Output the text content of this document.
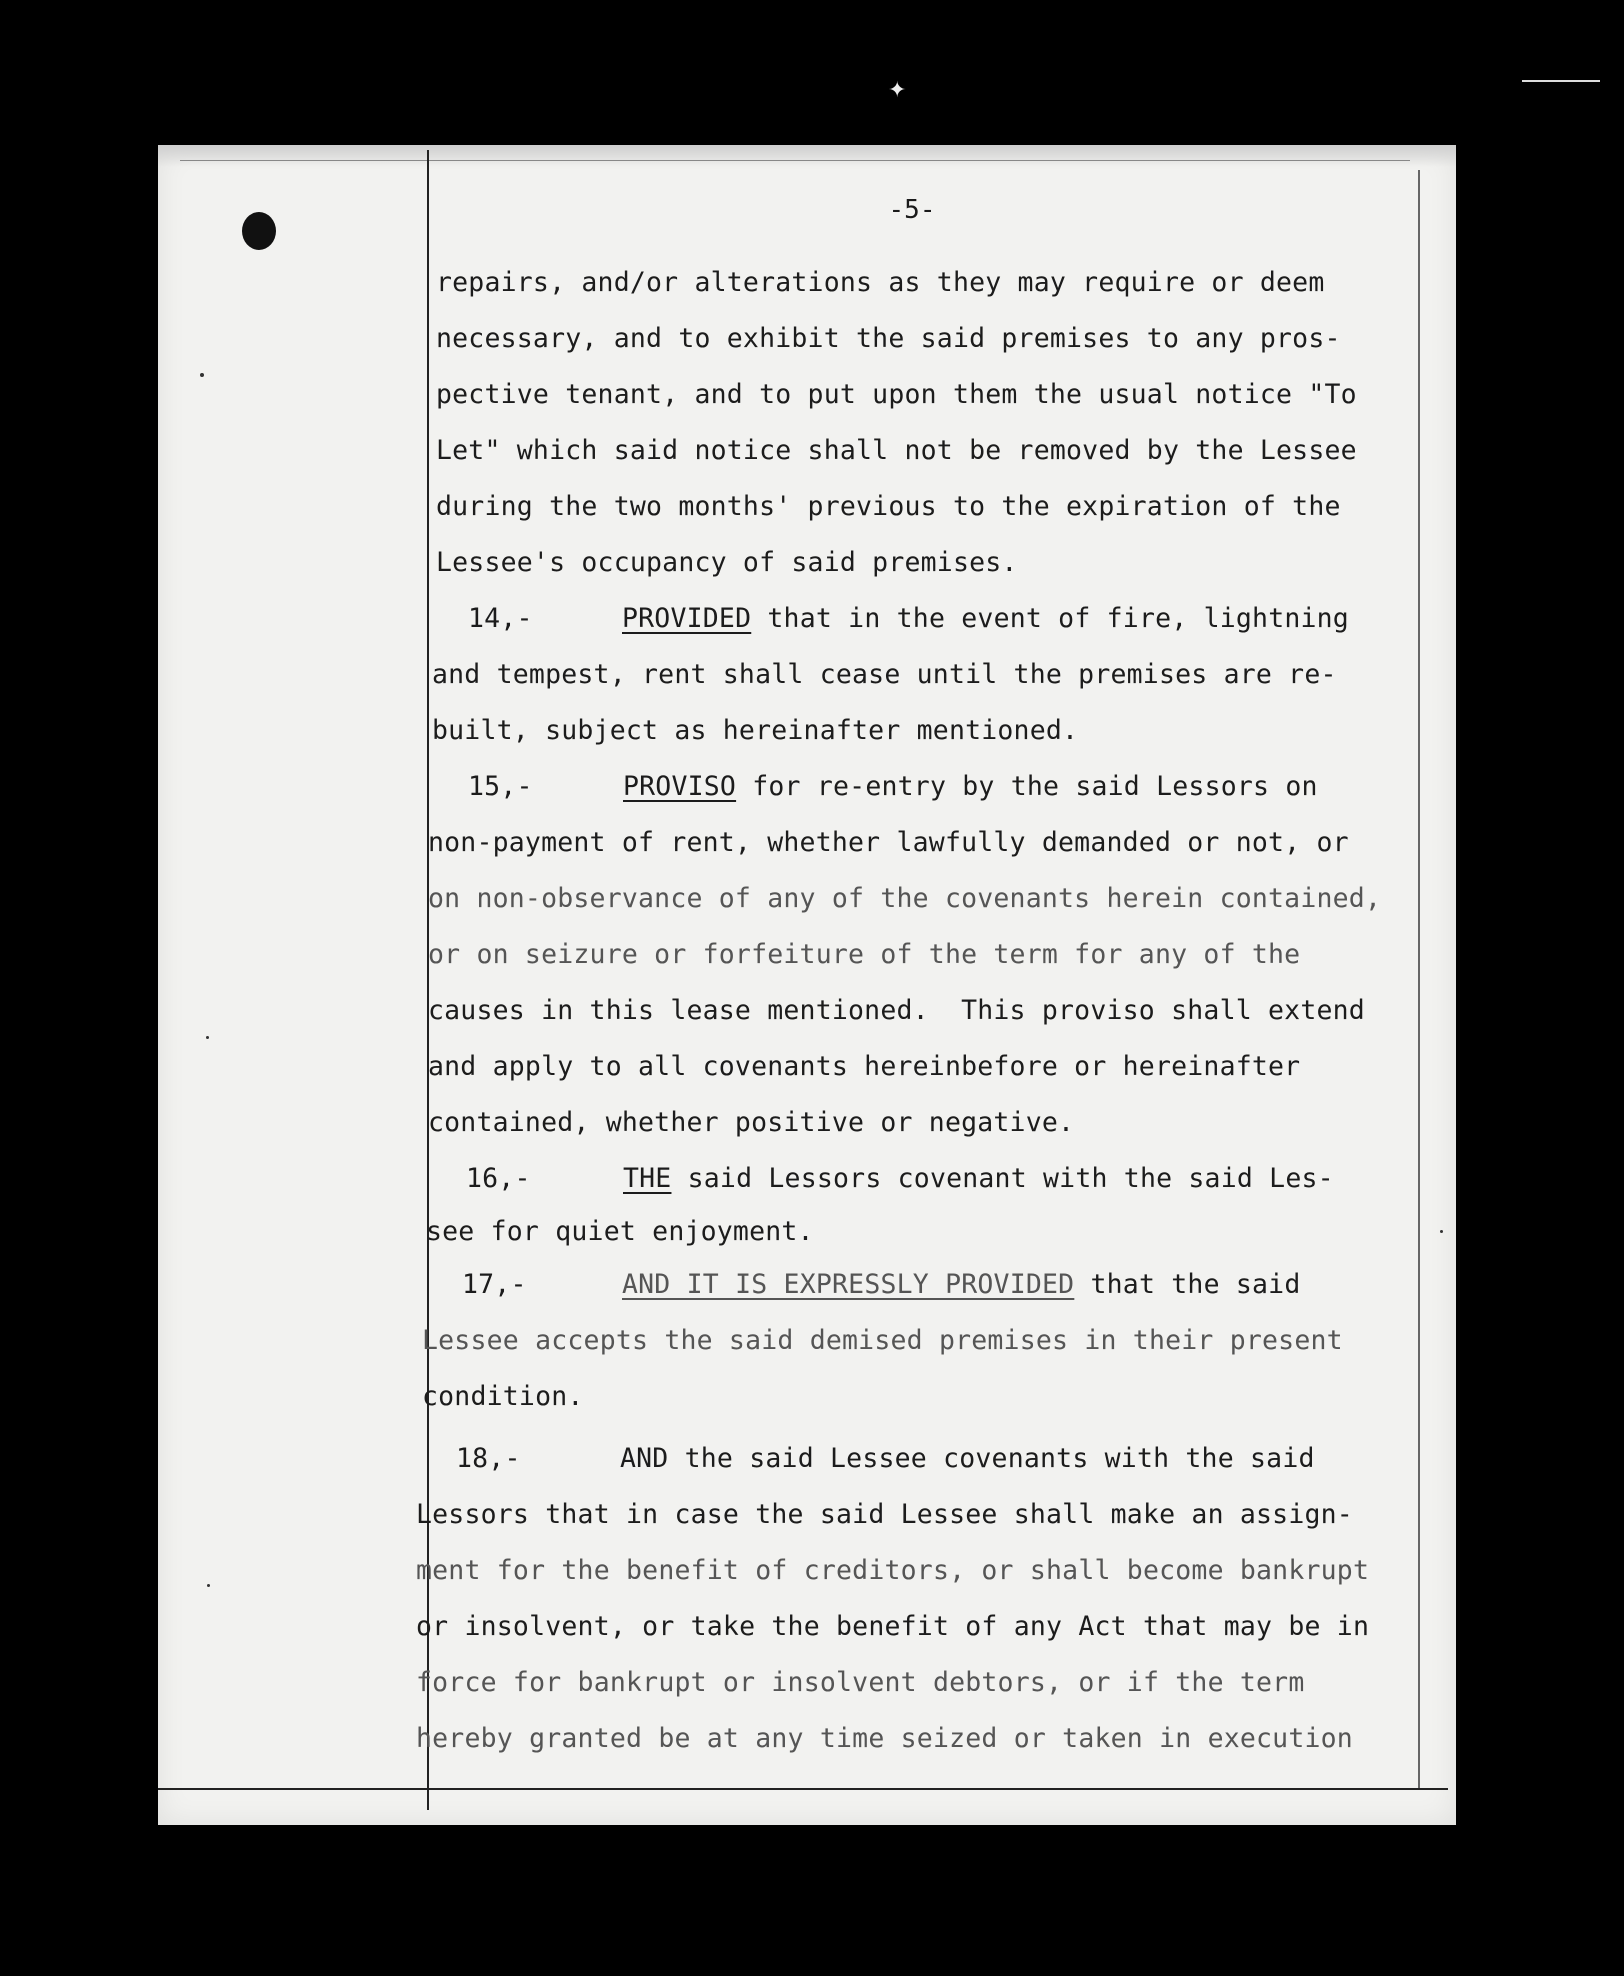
✦
-5-
repairs, and/or alterations as they may require or deem
necessary, and to exhibit the said premises to any pros-
pective tenant, and to put upon them the usual notice "To
Let" which said notice shall not be removed by the Lessee
during the two months' previous to the expiration of the
Lessee's occupancy of said premises.
14,-	PROVIDED that in the event of fire, lightning
and tempest, rent shall cease until the premises are re-
built, subject as hereinafter mentioned.
15,-	PROVISO for re-entry by the said Lessors on
non-payment of rent, whether lawfully demanded or not, or
on non-observance of any of the covenants herein contained,
or on seizure or forfeiture of the term for any of the
causes in this lease mentioned.  This proviso shall extend
and apply to all covenants hereinbefore or hereinafter
contained, whether positive or negative.
16,-	THE said Lessors covenant with the said Les-
see for quiet enjoyment.
17,-	AND IT IS EXPRESSLY PROVIDED that the said
Lessee accepts the said demised premises in their present
condition.
18,-	AND the said Lessee covenants with the said
Lessors that in case the said Lessee shall make an assign-
ment for the benefit of creditors, or shall become bankrupt
or insolvent, or take the benefit of any Act that may be in
force for bankrupt or insolvent debtors, or if the term
hereby granted be at any time seized or taken in execution
